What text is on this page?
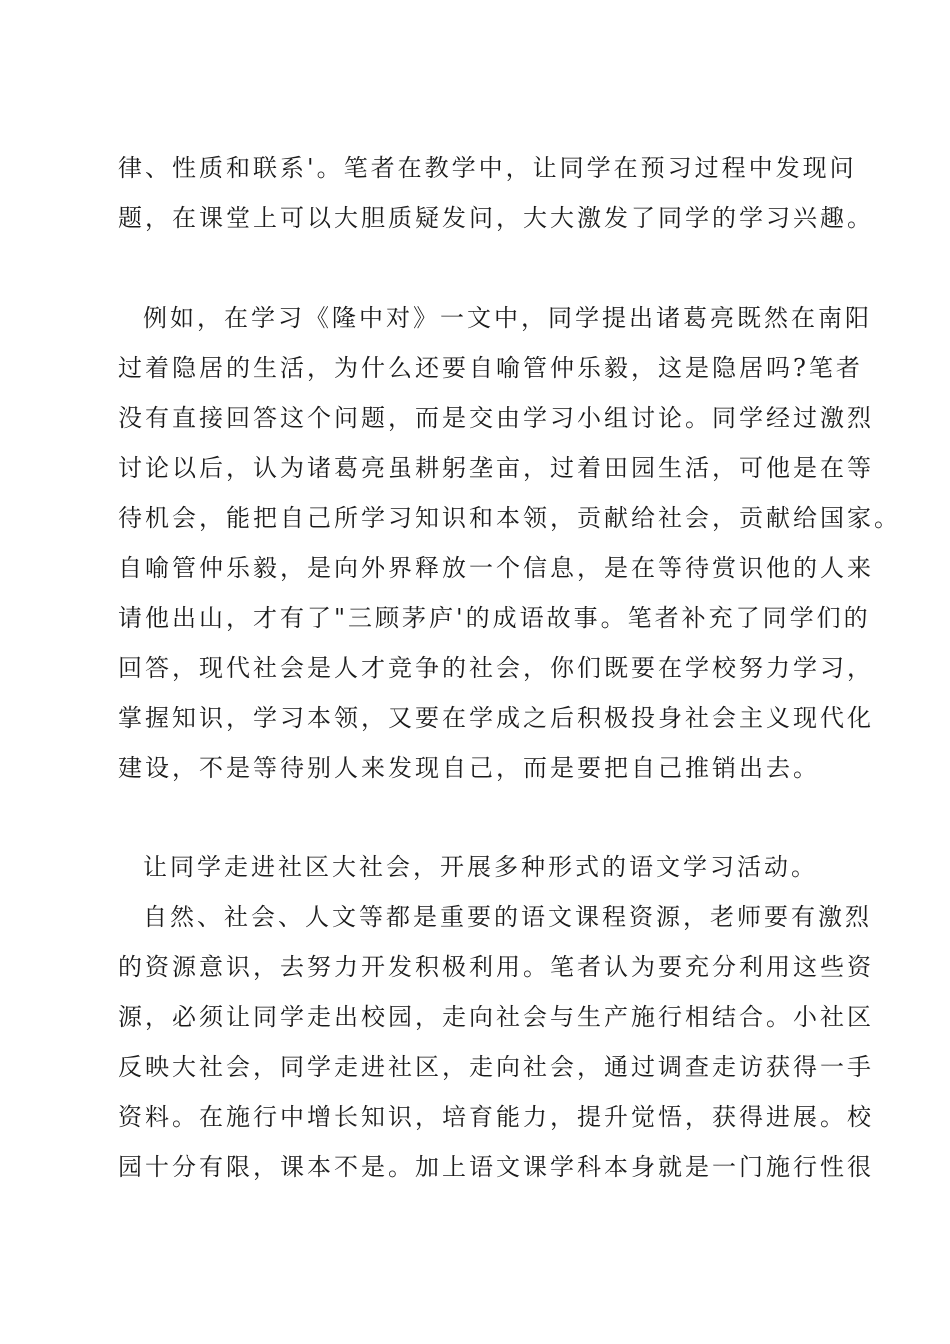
律、性质和联系'。笔者在教学中，让同学在预习过程中发现问
题，在课堂上可以大胆质疑发问，大大激发了同学的学习兴趣。
例如，在学习《隆中对》一文中，同学提出诸葛亮既然在南阳
过着隐居的生活，为什么还要自喻管仲乐毅，这是隐居吗?笔者
没有直接回答这个问题，而是交由学习小组讨论。同学经过激烈
讨论以后，认为诸葛亮虽耕躬垄亩，过着田园生活，可他是在等
待机会，能把自己所学习知识和本领，贡献给社会，贡献给国家。
自喻管仲乐毅，是向外界释放一个信息，是在等待赏识他的人来
请他出山，才有了"三顾茅庐'的成语故事。笔者补充了同学们的
回答，现代社会是人才竞争的社会，你们既要在学校努力学习，
掌握知识，学习本领，又要在学成之后积极投身社会主义现代化
建设，不是等待别人来发现自己，而是要把自己推销出去。
让同学走进社区大社会，开展多种形式的语文学习活动。
自然、社会、人文等都是重要的语文课程资源，老师要有激烈
的资源意识，去努力开发积极利用。笔者认为要充分利用这些资
源，必须让同学走出校园，走向社会与生产施行相结合。小社区
反映大社会，同学走进社区，走向社会，通过调查走访获得一手
资料。在施行中增长知识，培育能力，提升觉悟，获得进展。校
园十分有限，课本不是。加上语文课学科本身就是一门施行性很
